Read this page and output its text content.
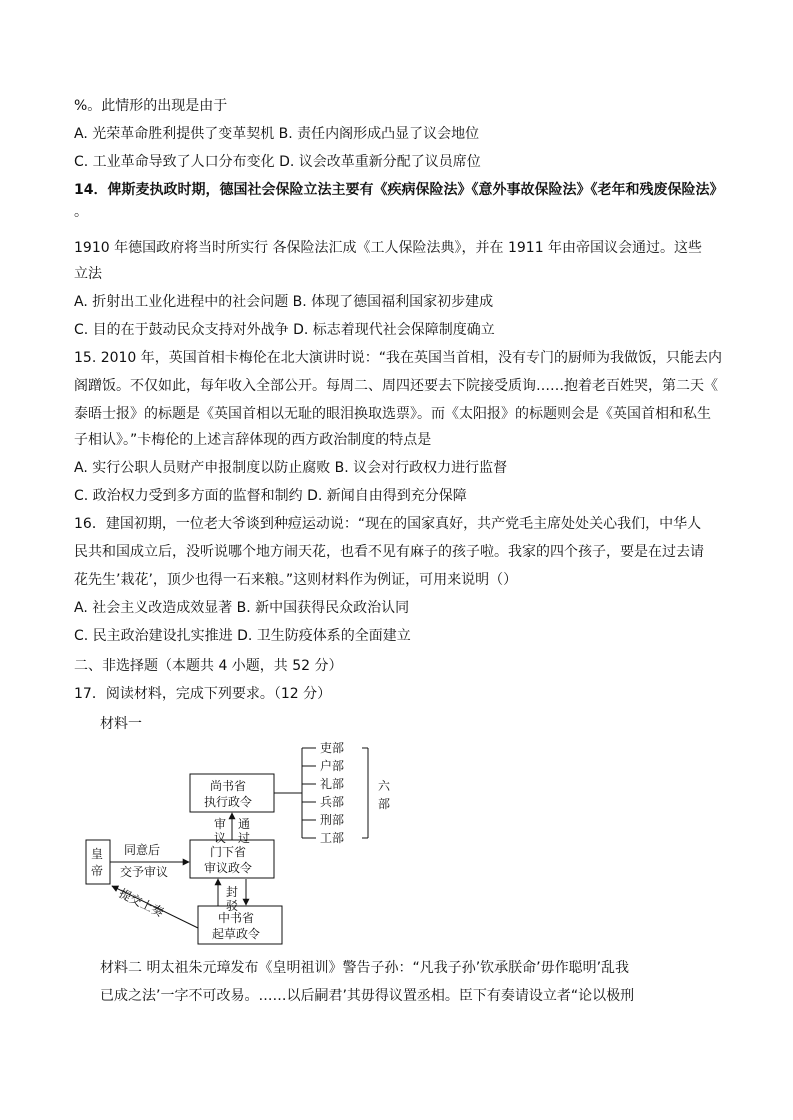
%。此情形的出现是由于
A. 光荣革命胜利提供了变革契机 B. 责任内阁形成凸显了议会地位
C. 工业革命导致了人口分布变化 D. 议会改革重新分配了议员席位
14．俾斯麦执政时期，德国社会保险立法主要有《疾病保险法》《意外事故保险法》《老年和残废保险法》
。
1910 年德国政府将当时所实行 各保险法汇成《工人保险法典》，并在 1911 年由帝国议会通过。这些
立法
A. 折射出工业化进程中的社会问题 B. 体现了德国福利国家初步建成
C. 目的在于鼓动民众支持对外战争 D. 标志着现代社会保障制度确立
15. 2010 年，英国首相卡梅伦在北大演讲时说：“我在英国当首相，没有专门的厨师为我做饭，只能去内
阁蹭饭。不仅如此，每年收入全部公开。每周二、周四还要去下院接受质询……抱着老百姓哭，第二天《
泰晤士报》的标题是《英国首相以无耻的眼泪换取选票》。而《太阳报》的标题则会是《英国首相和私生
子相认》。”卡梅伦的上述言辞体现的西方政治制度的特点是
A. 实行公职人员财产申报制度以防止腐败 B. 议会对行政权力进行监督
C. 政治权力受到多方面的监督和制约 D. 新闻自由得到充分保障
16．建国初期，一位老大爷谈到种痘运动说：“现在的国家真好，共产党毛主席处处关心我们，中华人
民共和国成立后，没听说哪个地方闹天花，也看不见有麻子的孩子啦。我家的四个孩子，要是在过去请
花先生’栽花’，顶少也得一石来粮。”这则材料作为例证，可用来说明（）
A. 社会主义改造成效显著 B. 新中国获得民众政治认同
C. 民主政治建设扎实推进 D. 卫生防疫体系的全面建立
二、非选择题（本题共 4 小题，共 52 分）
17．阅读材料，完成下列要求。（12 分）
材料一
皇
帝
尚书省
执行政令
门下省
审议政令
中书省
起草政令
同意后
交予审议
审
议
通
过
封
驳
提交上奏
吏部
户部
礼部
兵部
刑部
工部
六
部
材料二 明太祖朱元璋发布《皇明祖训》警告子孙：“凡我子孙’钦承朕命’毋作聪明’乱我
已成之法’一字不可改易。……以后嗣君’其毋得议置丞相。臣下有奏请设立者“论以极刑
